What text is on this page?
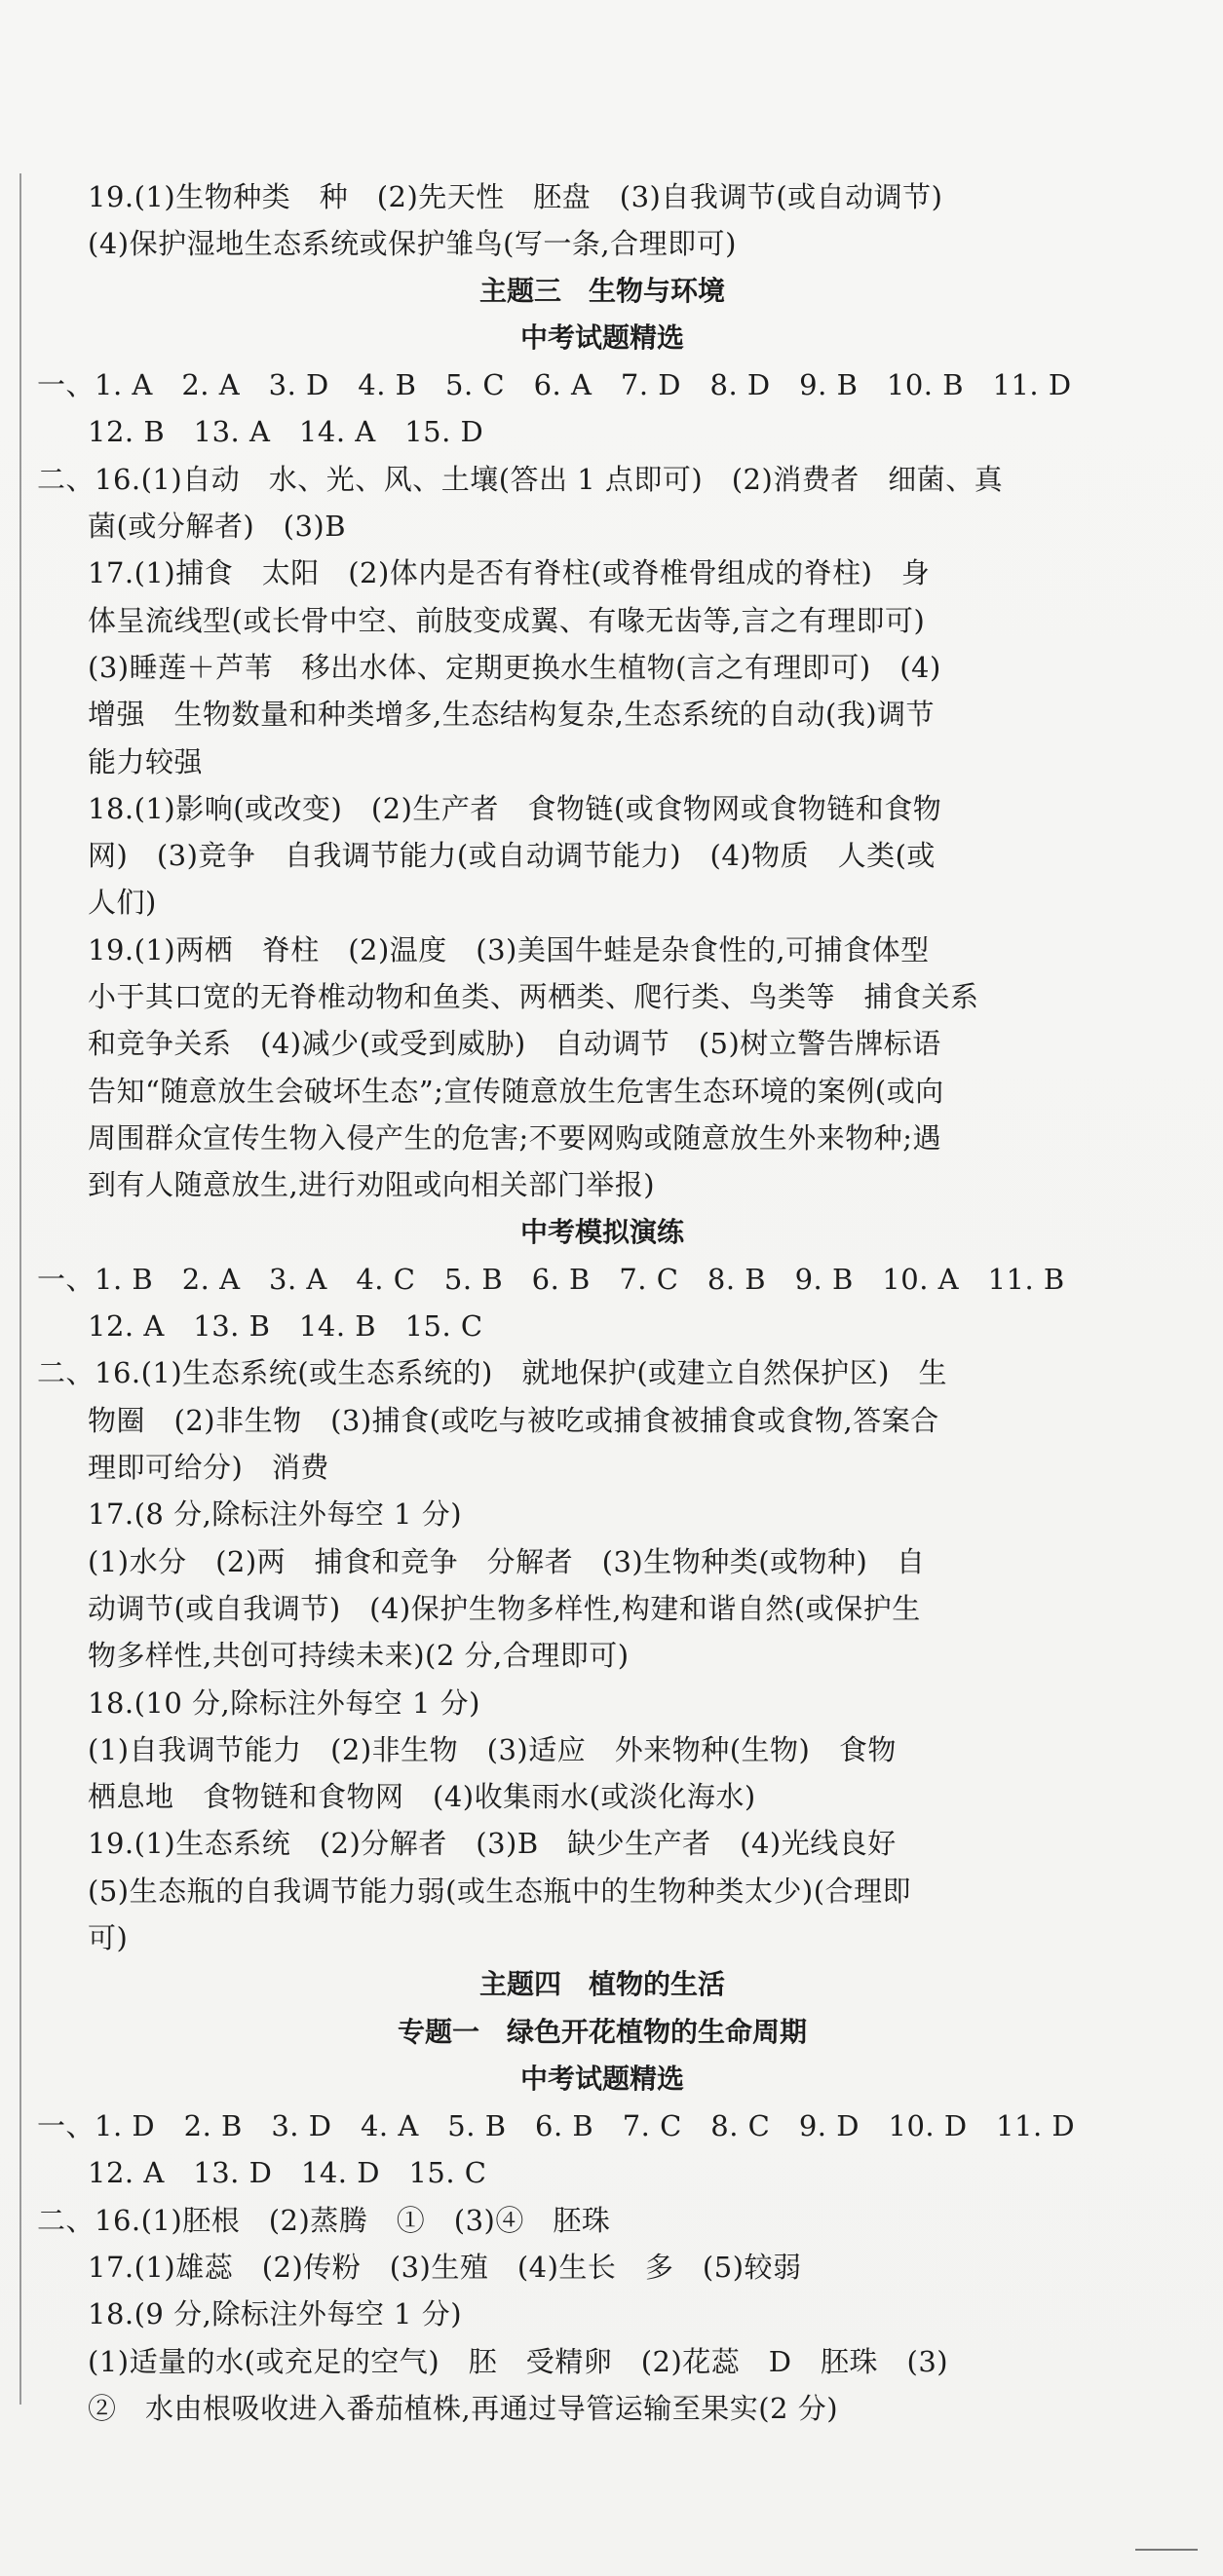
19.(1)生物种类　种　(2)先天性　胚盘　(3)自我调节(或自动调节)
(4)保护湿地生态系统或保护雏鸟(写一条,合理即可)
主题三　生物与环境
中考试题精选
一、1. A　2. A　3. D　4. B　5. C　6. A　7. D　8. D　9. B　10. B　11. D
12. B　13. A　14. A　15. D
二、16.(1)自动　水、光、风、土壤(答出 1 点即可)　(2)消费者　细菌、真
菌(或分解者)　(3)B
17.(1)捕食　太阳　(2)体内是否有脊柱(或脊椎骨组成的脊柱)　身
体呈流线型(或长骨中空、前肢变成翼、有喙无齿等,言之有理即可)
(3)睡莲＋芦苇　移出水体、定期更换水生植物(言之有理即可)　(4)
增强　生物数量和种类增多,生态结构复杂,生态系统的自动(我)调节
能力较强
18.(1)影响(或改变)　(2)生产者　食物链(或食物网或食物链和食物
网)　(3)竞争　自我调节能力(或自动调节能力)　(4)物质　人类(或
人们)
19.(1)两栖　脊柱　(2)温度　(3)美国牛蛙是杂食性的,可捕食体型
小于其口宽的无脊椎动物和鱼类、两栖类、爬行类、鸟类等　捕食关系
和竞争关系　(4)减少(或受到威胁)　自动调节　(5)树立警告牌标语
告知“随意放生会破坏生态”;宣传随意放生危害生态环境的案例(或向
周围群众宣传生物入侵产生的危害;不要网购或随意放生外来物种;遇
到有人随意放生,进行劝阻或向相关部门举报)
中考模拟演练
一、1. B　2. A　3. A　4. C　5. B　6. B　7. C　8. B　9. B　10. A　11. B
12. A　13. B　14. B　15. C
二、16.(1)生态系统(或生态系统的)　就地保护(或建立自然保护区)　生
物圈　(2)非生物　(3)捕食(或吃与被吃或捕食被捕食或食物,答案合
理即可给分)　消费
17.(8 分,除标注外每空 1 分)
(1)水分　(2)两　捕食和竞争　分解者　(3)生物种类(或物种)　自
动调节(或自我调节)　(4)保护生物多样性,构建和谐自然(或保护生
物多样性,共创可持续未来)(2 分,合理即可)
18.(10 分,除标注外每空 1 分)
(1)自我调节能力　(2)非生物　(3)适应　外来物种(生物)　食物
栖息地　食物链和食物网　(4)收集雨水(或淡化海水)
19.(1)生态系统　(2)分解者　(3)B　缺少生产者　(4)光线良好
(5)生态瓶的自我调节能力弱(或生态瓶中的生物种类太少)(合理即
可)
主题四　植物的生活
专题一　绿色开花植物的生命周期
中考试题精选
一、1. D　2. B　3. D　4. A　5. B　6. B　7. C　8. C　9. D　10. D　11. D
12. A　13. D　14. D　15. C
二、16.(1)胚根　(2)蒸腾　①　(3)④　胚珠
17.(1)雄蕊　(2)传粉　(3)生殖　(4)生长　多　(5)较弱
18.(9 分,除标注外每空 1 分)
(1)适量的水(或充足的空气)　胚　受精卵　(2)花蕊　D　胚珠　(3)
②　水由根吸收进入番茄植株,再通过导管运输至果实(2 分)
